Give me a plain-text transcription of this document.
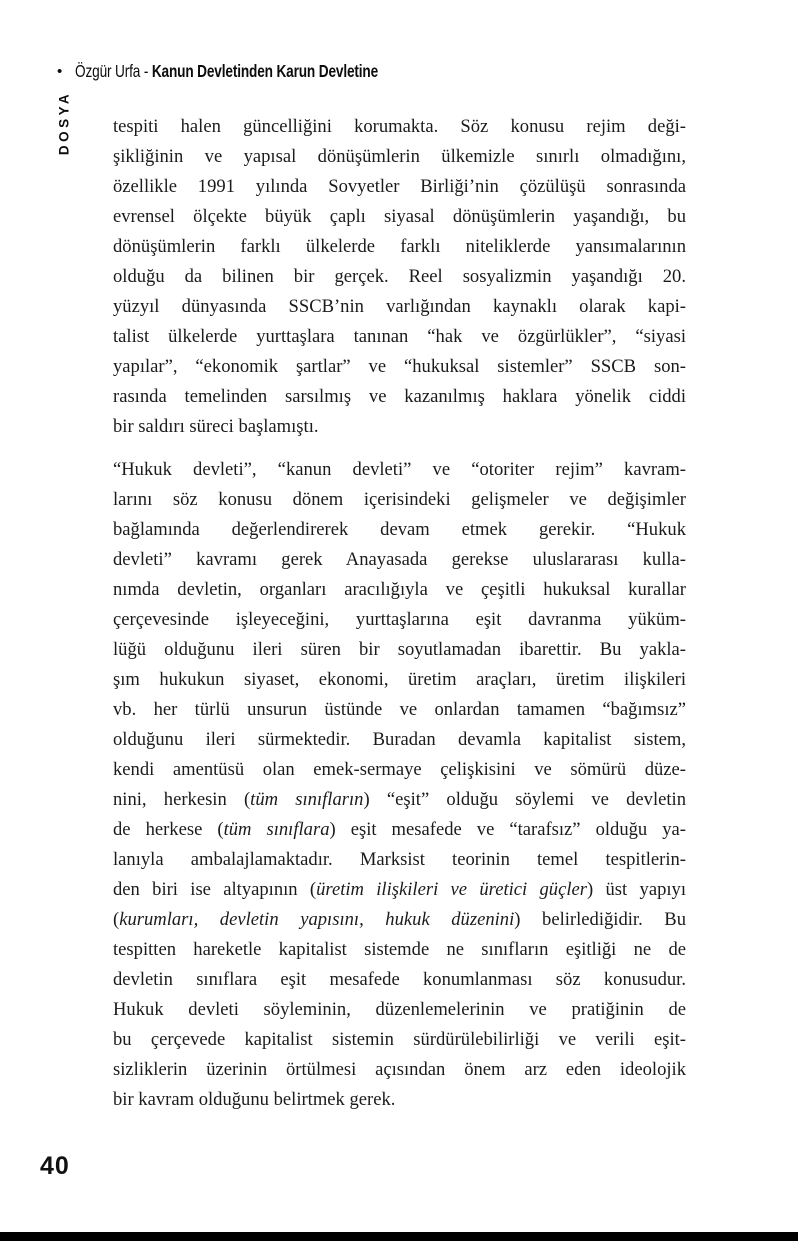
• Özgür Urfa - Kanun Devletinden Karun Devletine
DOSYA tespiti halen güncelliğini korumakta. Söz konusu rejim deği-
şikliğinin ve yapısal dönüşümlerin ülkemizle sınırlı olmadığını,
özellikle 1991 yılında Sovyetler Birliği’nin çözülüşü sonrasında
evrensel ölçekte büyük çaplı siyasal dönüşümlerin yaşandığı, bu
dönüşümlerin farklı ülkelerde farklı niteliklerde yansımalarının
olduğu da bilinen bir gerçek. Reel sosyalizmin yaşandığı 20.
yüzyıl dünyasında SSCB’nin varlığından kaynaklı olarak kapi-
talist ülkelerde yurttaşlara tanınan “hak ve özgürlükler”, “siyasi
yapılar”, “ekonomik şartlar” ve “hukuksal sistemler” SSCB son-
rasında temelinden sarsılmış ve kazanılmış haklara yönelik ciddi
bir saldırı süreci başlamıştı.
“Hukuk devleti”, “kanun devleti” ve “otoriter rejim” kavram-
larını söz konusu dönem içerisindeki gelişmeler ve değişimler
bağlamında değerlendirerek devam etmek gerekir. “Hukuk
devleti” kavramı gerek Anayasada gerekse uluslararası kulla-
nımda devletin, organları aracılığıyla ve çeşitli hukuksal kurallar
çerçevesinde işleyeceğini, yurttaşlarına eşit davranma yüküm-
lüğü olduğunu ileri süren bir soyutlamadan ibarettir. Bu yakla-
şım hukukun siyaset, ekonomi, üretim araçları, üretim ilişkileri
vb. her türlü unsurun üstünde ve onlardan tamamen “bağımsız”
olduğunu ileri sürmektedir. Buradan devamla kapitalist sistem,
kendi amentüsü olan emek-sermaye çelişkisini ve sömürü düze-
nini, herkesin (tüm sınıfların) “eşit” olduğu söylemi ve devletin
de herkese (tüm sınıflara) eşit mesafede ve “tarafsız” olduğu ya-
lanıyla ambalajlamaktadır. Marksist teorinin temel tespitlerin-
den biri ise altyapının (üretim ilişkileri ve üretici güçler) üst yapıyı
(kurumları, devletin yapısını, hukuk düzenini) belirlediğidir. Bu
tespitten hareketle kapitalist sistemde ne sınıfların eşitliği ne de
devletin sınıflara eşit mesafede konumlanması söz konusudur.
Hukuk devleti söyleminin, düzenlemelerinin ve pratiğinin de
bu çerçevede kapitalist sistemin sürdürülebilirliği ve verili eşit-
sizliklerin üzerinin örtülmesi açısından önem arz eden ideolojik
bir kavram olduğunu belirtmek gerek.
40
